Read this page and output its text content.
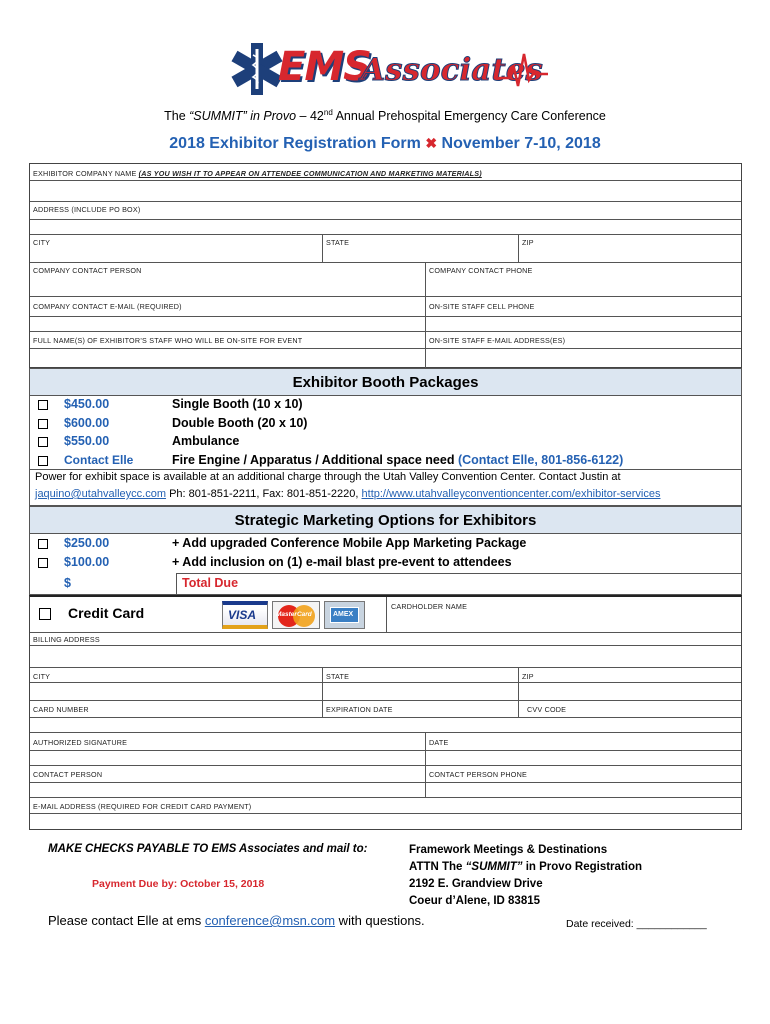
EMS
Associates
The “SUMMIT” in Provo – 42nd Annual Prehospital Emergency Care Conference
2018 Exhibitor Registration Form ✖ November 7-10, 2018
EXHIBITOR COMPANY NAME (AS YOU WISH IT TO APPEAR ON ATTENDEE COMMUNICATION AND MARKETING MATERIALS)
ADDRESS (INCLUDE PO BOX)
CITY	STATE	ZIP
COMPANY CONTACT PERSON	COMPANY CONTACT PHONE
COMPANY CONTACT E-MAIL (REQUIRED)	ON-SITE STAFF CELL PHONE
FULL NAME(S) OF EXHIBITOR’S STAFF WHO WILL BE ON-SITE FOR EVENT	ON-SITE STAFF E-MAIL ADDRESS(ES)
Exhibitor Booth Packages
$450.00	Single Booth (10 x 10)
$600.00	Double Booth (20 x 10)
$550.00	Ambulance
Contact Elle	Fire Engine / Apparatus / Additional space need (Contact Elle, 801-856-6122)
Power for exhibit space is available at an additional charge through the Utah Valley Convention Center. Contact Justin at
jaquino@utahvalleycc.com Ph: 801-851-2211, Fax: 801-851-2220, http://www.utahvalleyconventioncenter.com/exhibitor-services
Strategic Marketing Options for Exhibitors
$250.00	+ Add upgraded Conference Mobile App Marketing Package
$100.00	+ Add inclusion on (1) e-mail blast pre-event to attendees
$	Total Due
Credit Card	CARDHOLDER NAME
BILLING ADDRESS
CITY	STATE	ZIP
CARD NUMBER	EXPIRATION DATE	CVV CODE
AUTHORIZED SIGNATURE	DATE
CONTACT PERSON	CONTACT PERSON PHONE
E-MAIL ADDRESS (REQUIRED FOR CREDIT CARD PAYMENT)
VISA	MasterCard	AMEX
MAKE CHECKS PAYABLE TO EMS Associates and mail to:
Payment Due by: October 15, 2018
Framework Meetings & Destinations
ATTN The “SUMMIT” in Provo Registration
2192 E. Grandview Drive
Coeur d’Alene, ID 83815
Please contact Elle at ems conference@msn.com with questions.	Date received: ____________
